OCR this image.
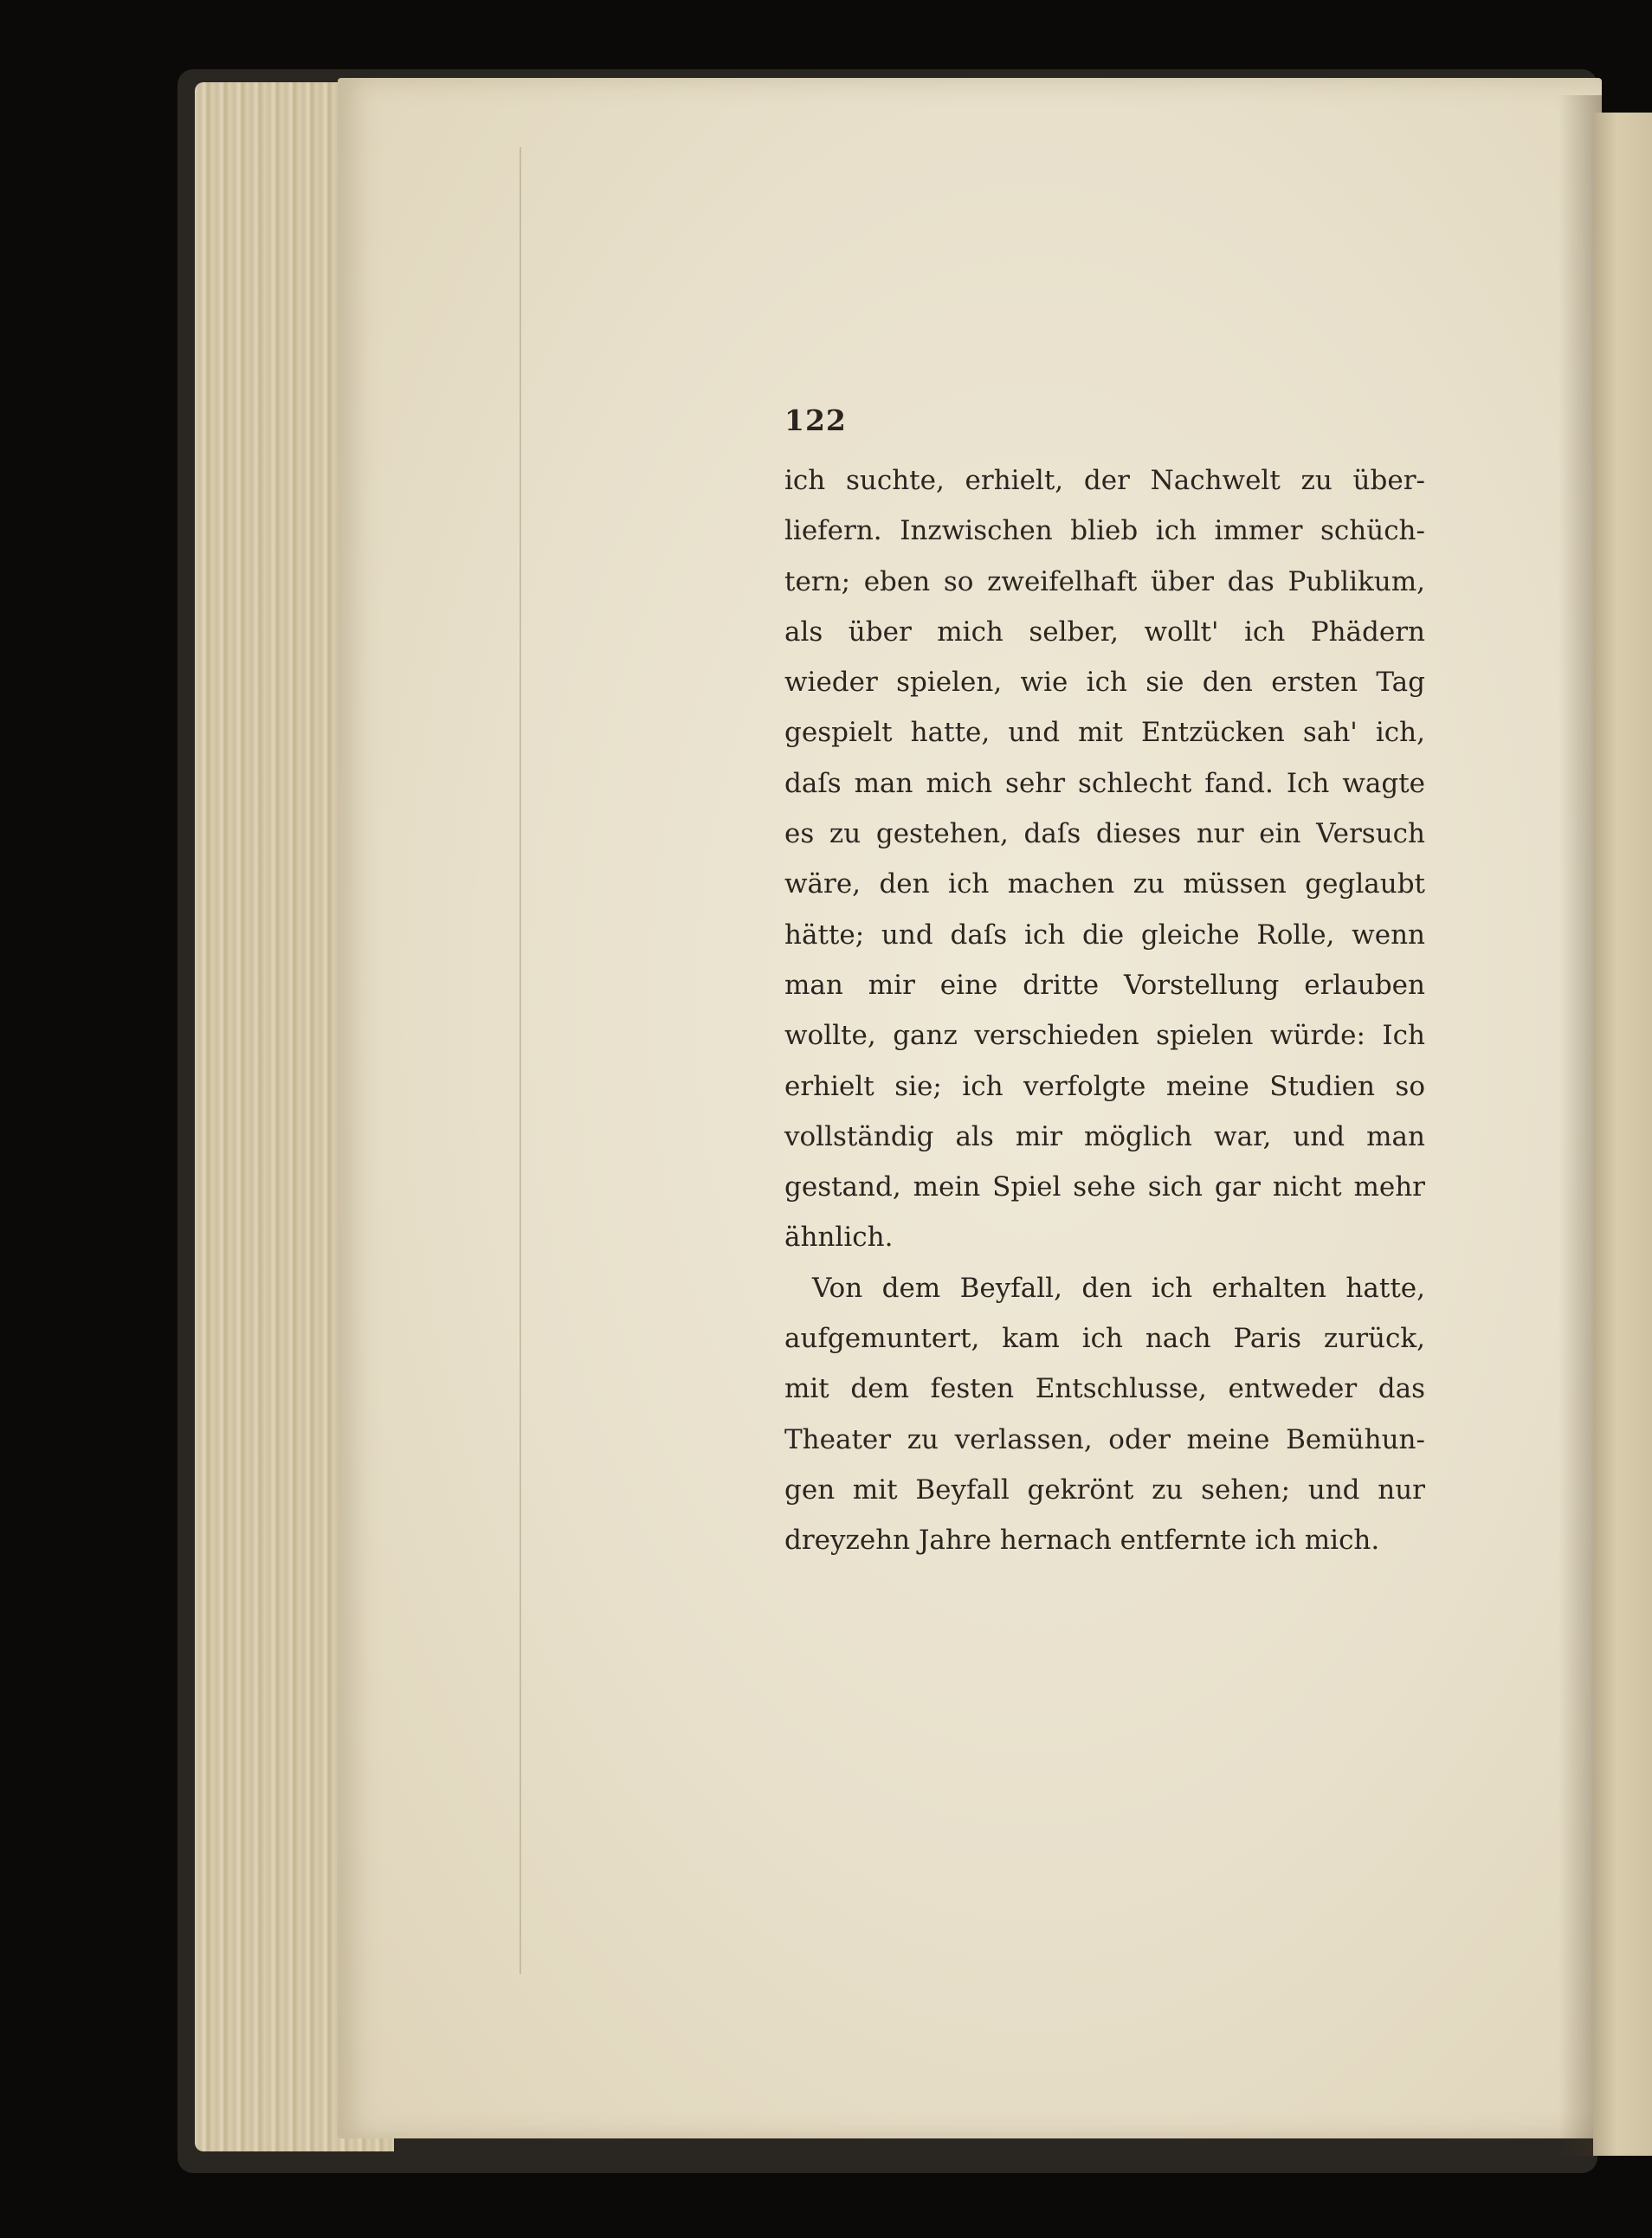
122
ich suchte, erhielt, der Nachwelt zu über-
liefern. Inzwischen blieb ich immer schüch-
tern; eben so zweifelhaft über das Publikum,
als über mich selber, wollt' ich Phädern
wieder spielen, wie ich sie den ersten Tag
gespielt hatte, und mit Entzücken sah' ich,
daſs man mich sehr schlecht fand. Ich wagte
es zu gestehen, daſs dieses nur ein Versuch
wäre, den ich machen zu müssen geglaubt
hätte; und daſs ich die gleiche Rolle, wenn
man mir eine dritte Vorstellung erlauben
wollte, ganz verschieden spielen würde: Ich
erhielt sie; ich verfolgte meine Studien so
vollständig als mir möglich war, und man
gestand, mein Spiel sehe sich gar nicht mehr
ähnlich.
Von dem Beyfall, den ich erhalten hatte,
aufgemuntert, kam ich nach Paris zurück,
mit dem festen Entschlusse, entweder das
Theater zu verlassen, oder meine Bemühun-
gen mit Beyfall gekrönt zu sehen; und nur
dreyzehn Jahre hernach entfernte ich mich.
